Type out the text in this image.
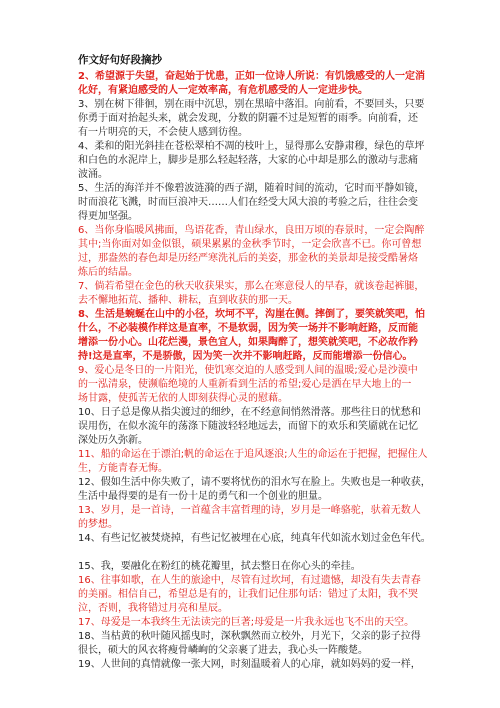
作文好句好段摘抄
2、希望源于失望，奋起始于忧患，正如一位诗人所说：有饥饿感受的人一定消
化好，有紧迫感受的人一定效率高，有危机感受的人一定进步快。
3、别在树下徘徊，别在雨中沉思，别在黑暗中落泪。向前看，不要回头，只要
你勇于面对抬起头来，就会发现，分数的阴霾不过是短暂的雨季。向前看，还
有一片明亮的天，不会使人感到彷徨。
4、柔和的阳光斜挂在苍松翠柏不凋的枝叶上，显得那么安静肃穆，绿色的草坪
和白色的水泥岸上，脚步是那么轻起轻落，大家的心中却是那么的激动与悲痛
波涌。
5、生活的海洋并不像碧波涟漪的西子湖，随着时间的流动，它时而平静如镜，
时而浪花飞溅，时而巨浪冲天……人们在经受大风大浪的考验之后，往往会变
得更加坚强。
6、当你身临暖风拂面，鸟语花香，青山绿水，良田万顷的春景时，一定会陶醉
其中;当你面对如金似银，硕果累累的金秋季节时，一定会欣喜不已。你可曾想
过，那盎然的春色却是历经严寒洗礼后的美姿，那金秋的美景却是接受酷暑烙
炼后的结晶。
7、倘若希望在金色的秋天收获果实，那么在寒意侵人的早春，就该卷起裤腿，
去不懈地拓荒、播种、耕耘，直到收获的那一天。
8、生活是蜿蜒在山中的小径，坎坷不平，沟崖在侧。摔倒了，要笑就笑吧，怕
什么，不必装模作样这是直率，不是软弱，因为笑一场并不影响赶路，反而能
增添一份小心。山花烂漫，景色宜人，如果陶醉了，想笑就笑吧，不必故作矜
持!这是直率，不是骄傲，因为笑一次并不影响赶路，反而能增添一份信心。
9、爱心是冬日的一片阳光，使饥寒交迫的人感受到人间的温暖;爱心是沙漠中
的一泓清泉，使濒临绝境的人重新看到生活的希望;爱心是洒在早大地上的一
场甘露，使孤苦无依的人即刻获得心灵的慰藉。
10、日子总是像从指尖渡过的细纱，在不经意间悄然滑落。那些往日的忧愁和
误用伤，在似水流年的荡涤下随波轻轻地远去，而留下的欢乐和笑靥就在记忆
深处历久弥新。
11、船的命运在于漂泊;帆的命运在于追风逐浪;人生的命运在于把握，把握住人
生，方能青春无悔。
12、假如生活中你失败了，请不要将忧伤的泪水写在脸上。失败也是一种收获，
生活中最得要的是有一份十足的勇气和一个创业的胆量。
13、岁月，是一首诗，一首蕴含丰富哲理的诗，岁月是一峰骆驼，驮着无数人
的梦想。
14、有些记忆被焚烧掉，有些记忆被埋在心底，纯真年代如流水划过金色年代。
15、我，要融化在粉红的桃花瓣里，拭去整日在你心头的牵挂。
16、往事如歌，在人生的旅途中，尽管有过坎坷，有过遗憾，却没有失去青春
的美丽。相信自己，希望总是有的，让我们记住那句话：错过了太阳，我不哭
泣，否则，我将错过月亮和星辰。
17、母爱是一本我终生无法读完的巨著;母爱是一片我永远也飞不出的天空。
18、当枯黄的秋叶随风摇曳时，深秋飘然而立校外，月光下，父亲的影子拉得
很长，硕大的风衣将瘦骨嶙峋的父亲裹了进去，我心头一阵酸楚。
19、人世间的真情就像一张大网，时刻温暖着人的心扉，就如妈妈的爱一样，
